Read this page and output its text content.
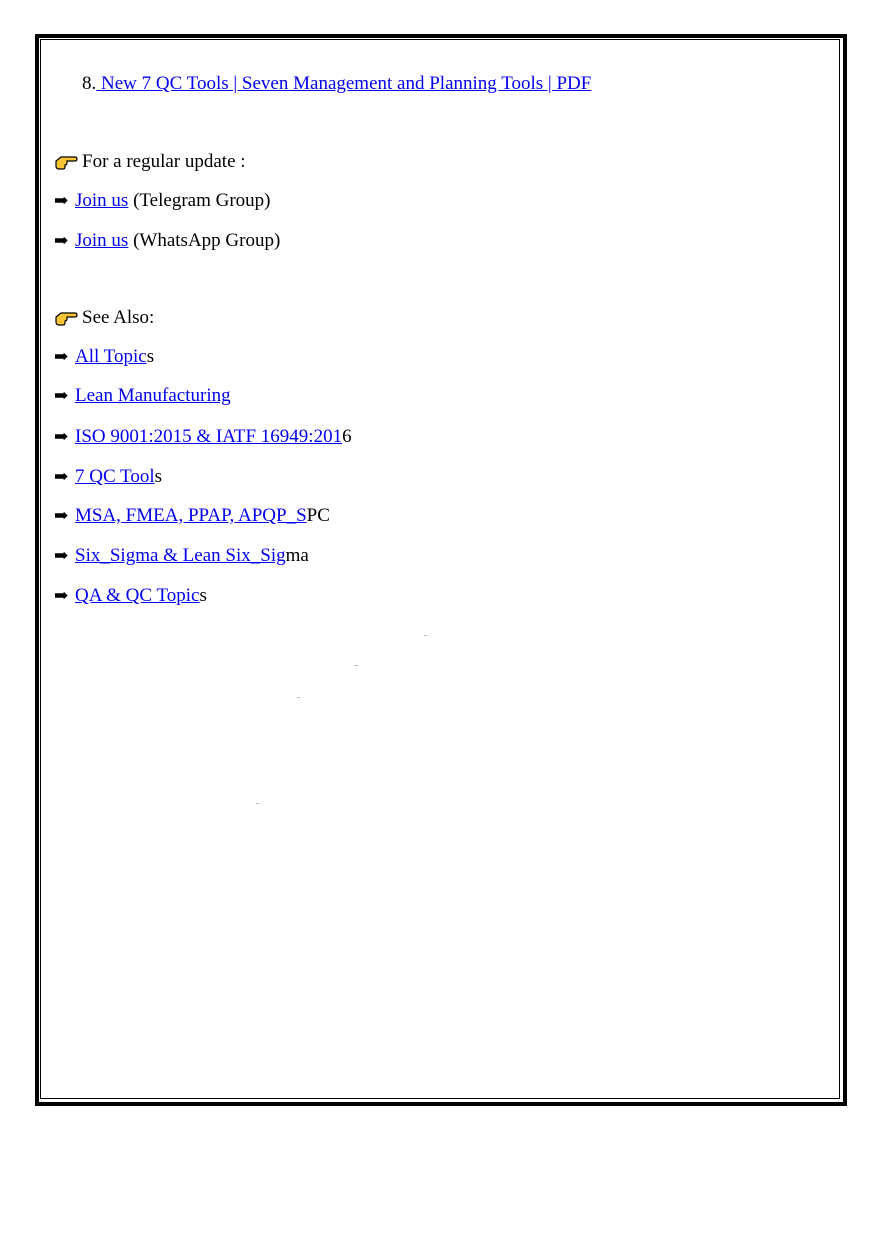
8. New 7 QC Tools | Seven Management and Planning Tools | PDF
For a regular update :
➡ Join us (Telegram Group)
➡ Join us (WhatsApp Group)
See Also:
➡ All Topics
➡ Lean Manufacturing
➡ ISO 9001:2015 & IATF 16949:2016
➡ 7 QC Tools
➡ MSA, FMEA, PPAP, APQP_SPC
➡ Six_Sigma & Lean Six_Sigma
➡ QA & QC Topics
